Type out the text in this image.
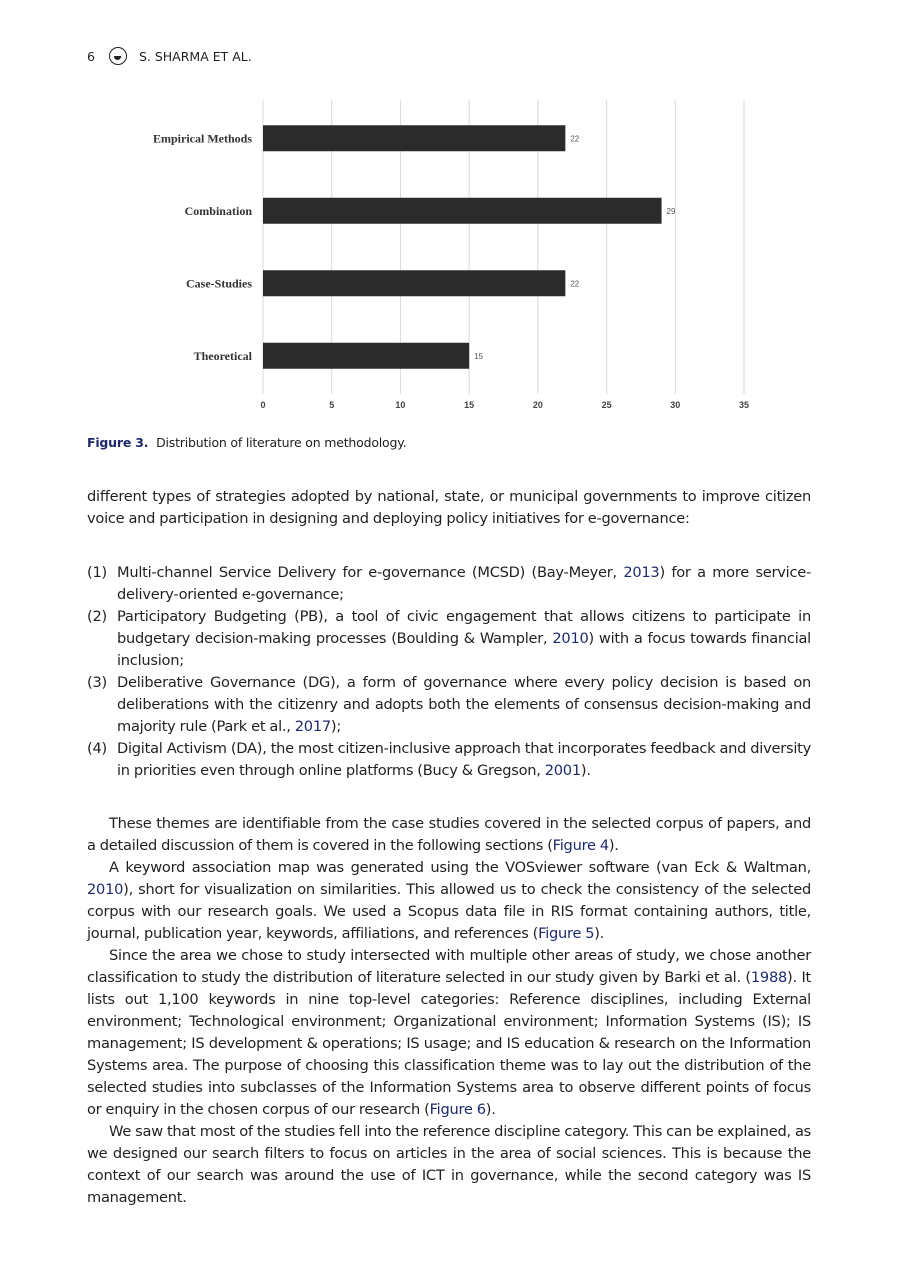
6	S. SHARMA ET AL.
Empirical Methods	22
Combination	29
Case-Studies	22
Theoretical	15
0	5	10	15	20	25	30	35
Figure 3. Distribution of literature on methodology.
different types of strategies adopted by national, state, or municipal governments to improve citizen voice and participation in designing and deploying policy initiatives for e-governance:
(1) Multi-channel Service Delivery for e-governance (MCSD) (Bay-Meyer, 2013) for a more service-delivery-oriented e-governance;
(2) Participatory Budgeting (PB), a tool of civic engagement that allows citizens to participate in budgetary decision-making processes (Boulding & Wampler, 2010) with a focus towards financial inclusion;
(3) Deliberative Governance (DG), a form of governance where every policy decision is based on deliberations with the citizenry and adopts both the elements of consensus decision-making and majority rule (Park et al., 2017);
(4) Digital Activism (DA), the most citizen-inclusive approach that incorporates feedback and diversity in priorities even through online platforms (Bucy & Gregson, 2001).

These themes are identifiable from the case studies covered in the selected corpus of papers, and a detailed discussion of them is covered in the following sections (Figure 4).

A keyword association map was generated using the VOSviewer software (van Eck & Waltman, 2010), short for visualization on similarities. This allowed us to check the consistency of the selected corpus with our research goals. We used a Scopus data file in RIS format containing authors, title, journal, publication year, keywords, affiliations, and references (Figure 5).

Since the area we chose to study intersected with multiple other areas of study, we chose another classification to study the distribution of literature selected in our study given by Barki et al. (1988). It lists out 1,100 keywords in nine top-level categories: Reference disciplines, including External environment; Technological environment; Organizational environment; Information Systems (IS); IS management; IS development & operations; IS usage; and IS education & research on the Information Systems area. The purpose of choosing this classification theme was to lay out the distribution of the selected studies into subclasses of the Information Systems area to observe different points of focus or enquiry in the chosen corpus of our research (Figure 6).

We saw that most of the studies fell into the reference discipline category. This can be explained, as we designed our search filters to focus on articles in the area of social sciences. This is because the context of our search was around the use of ICT in governance, while the second category was IS management.
